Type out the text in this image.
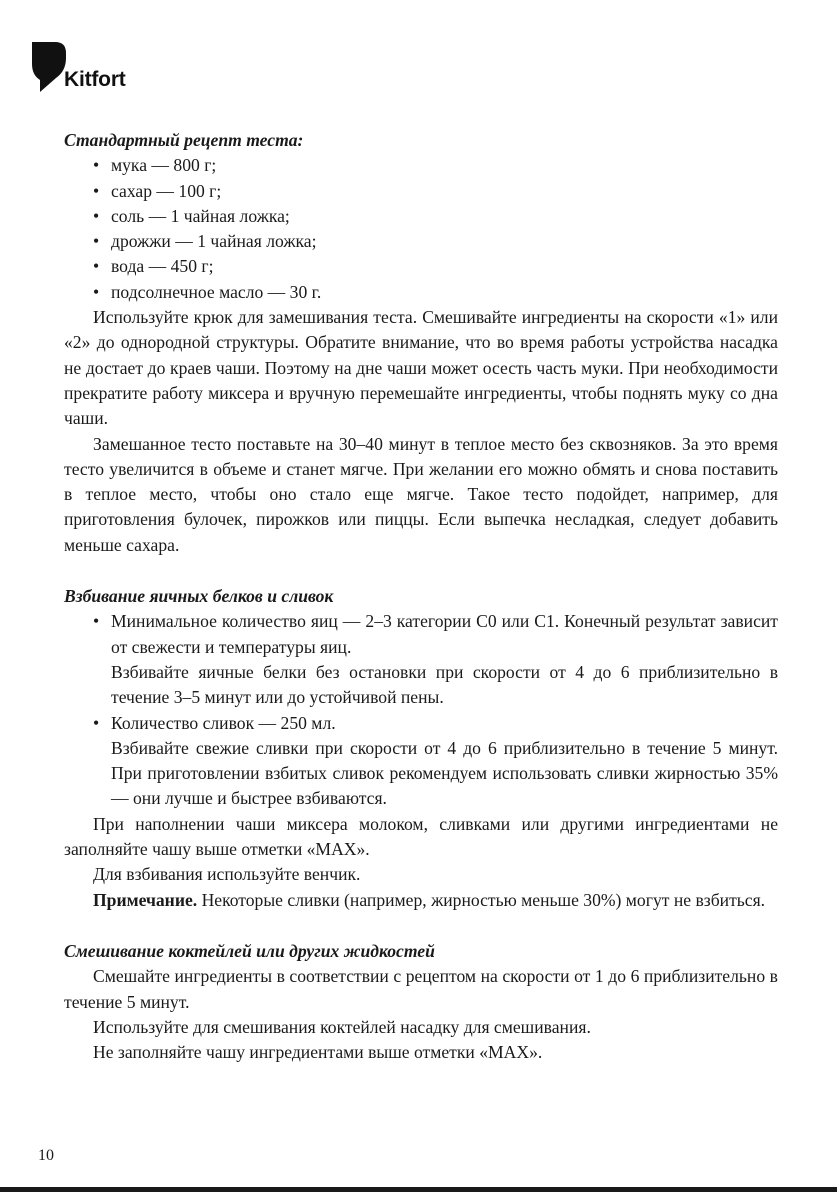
Kitfort

Стандартный рецепт теста:

• мука — 800 г;
• сахар — 100 г;
• соль — 1 чайная ложка;
• дрожжи — 1 чайная ложка;
• вода — 450 г;
• подсолнечное масло — 30 г.

Используйте крюк для замешивания теста. Смешивайте ингредиенты на скорости «1» или «2» до однородной структуры. Обратите внимание, что во время работы устройства насадка не достает до краев чаши. Поэтому на дне чаши может осесть часть муки. При необходимости прекратите работу миксера и вручную перемешайте ингредиенты, чтобы поднять муку со дна чаши.

Замешанное тесто поставьте на 30–40 минут в теплое место без сквозняков. За это время тесто увеличится в объеме и станет мягче. При желании его можно обмять и снова поставить в теплое место, чтобы оно стало еще мягче. Такое тесто подойдет, например, для приготовления булочек, пирожков или пиццы. Если выпечка несладкая, следует добавить меньше сахара.

Взбивание яичных белков и сливок

• Минимальное количество яиц — 2–3 категории С0 или С1. Конечный результат зависит от свежести и температуры яиц.

Взбивайте яичные белки без остановки при скорости от 4 до 6 приблизительно в течение 3–5 минут или до устойчивой пены.

• Количество сливок — 250 мл.

Взбивайте свежие сливки при скорости от 4 до 6 приблизительно в течение 5 минут. При приготовлении взбитых сливок рекомендуем использовать сливки жирностью 35% — они лучше и быстрее взбиваются.

При наполнении чаши миксера молоком, сливками или другими ингредиентами не заполняйте чашу выше отметки «MAX».

Для взбивания используйте венчик.

Примечание. Некоторые сливки (например, жирностью меньше 30%) могут не взбиться.

Смешивание коктейлей или других жидкостей

Смешайте ингредиенты в соответствии с рецептом на скорости от 1 до 6 приблизительно в течение 5 минут.

Используйте для смешивания коктейлей насадку для смешивания.

Не заполняйте чашу ингредиентами выше отметки «MAX».

10
